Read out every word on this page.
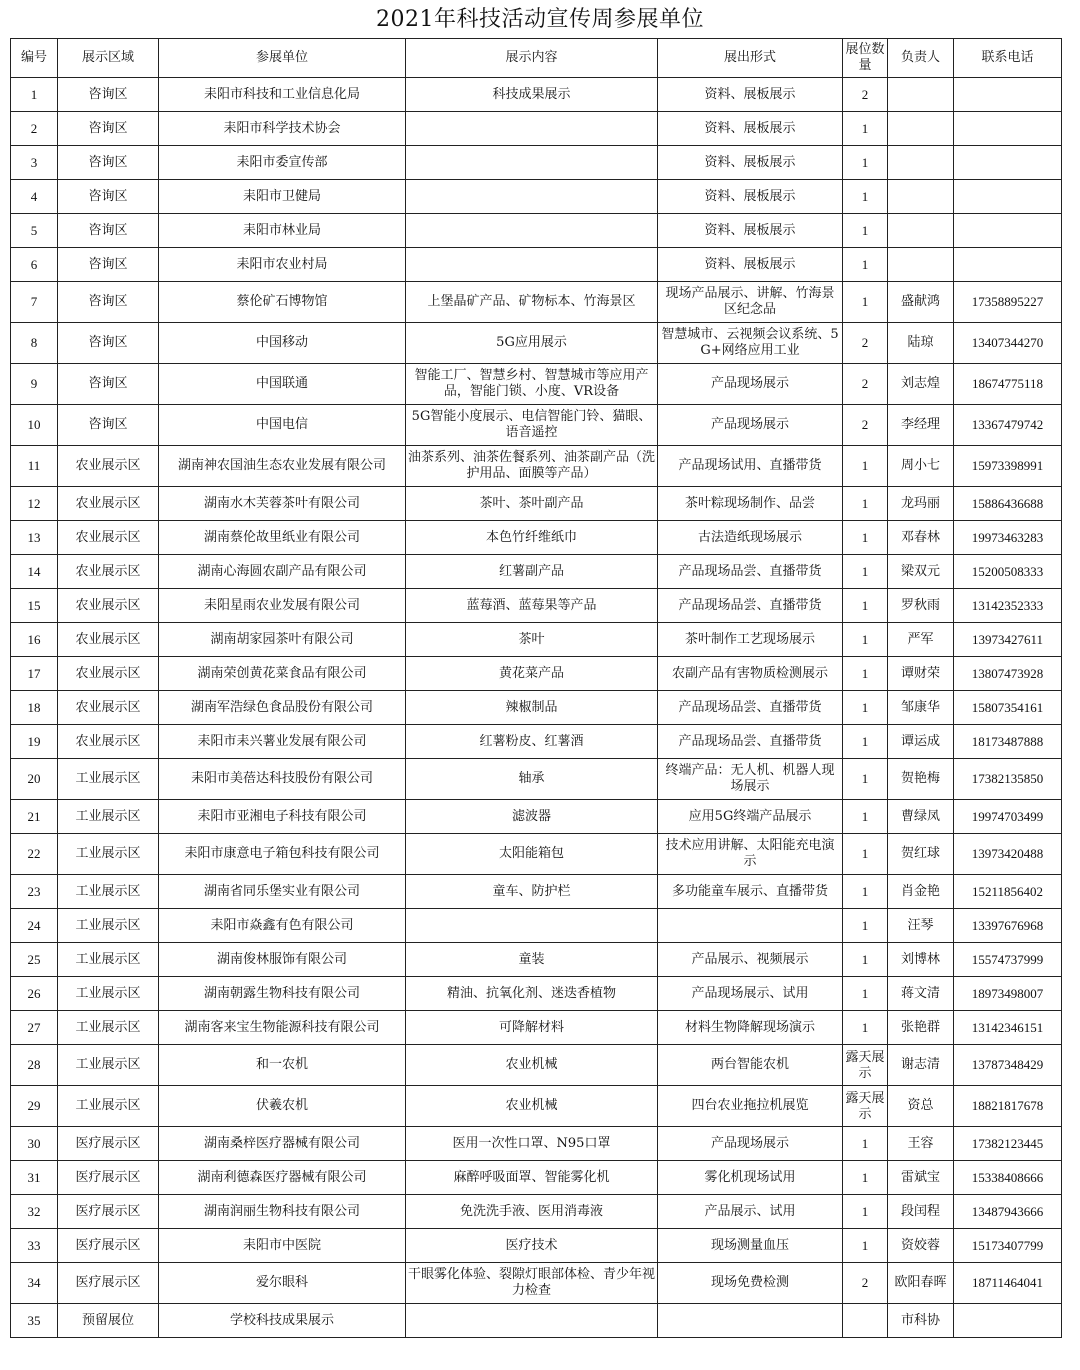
2021年科技活动宣传周参展单位
编号	展示区域	参展单位	展示内容	展出形式	展位数量	负责人	联系电话
1	咨询区	耒阳市科技和工业信息化局	科技成果展示	资料、展板展示	2		
2	咨询区	耒阳市科学技术协会		资料、展板展示	1		
3	咨询区	耒阳市委宣传部		资料、展板展示	1		
4	咨询区	耒阳市卫健局		资料、展板展示	1		
5	咨询区	耒阳市林业局		资料、展板展示	1		
6	咨询区	耒阳市农业村局		资料、展板展示	1		
7	咨询区	蔡伦矿石博物馆	上堡晶矿产品、矿物标本、竹海景区	现场产品展示、讲解、竹海景区纪念品	1	盛献鸿	17358895227
8	咨询区	中国移动	5G应用展示	智慧城市、云视频会议系统、5G+网络应用工业	2	陆琼	13407344270
9	咨询区	中国联通	智能工厂、智慧乡村、智慧城市等应用产品，智能门锁、小度、VR设备	产品现场展示	2	刘志煌	18674775118
10	咨询区	中国电信	5G智能小度展示、电信智能门铃、猫眼、语音遥控	产品现场展示	2	李经理	13367479742
11	农业展示区	湖南神农国油生态农业发展有限公司	油茶系列、油茶佐餐系列、油茶副产品（洗护用品、面膜等产品）	产品现场试用、直播带货	1	周小七	15973398991
12	农业展示区	湖南水木芙蓉茶叶有限公司	茶叶、茶叶副产品	茶叶粽现场制作、品尝	1	龙玛丽	15886436688
13	农业展示区	湖南蔡伦故里纸业有限公司	本色竹纤维纸巾	古法造纸现场展示	1	邓春林	19973463283
14	农业展示区	湖南心海圆农副产品有限公司	红薯副产品	产品现场品尝、直播带货	1	梁双元	15200508333
15	农业展示区	耒阳星雨农业发展有限公司	蓝莓酒、蓝莓果等产品	产品现场品尝、直播带货	1	罗秋雨	13142352333
16	农业展示区	湖南胡家园茶叶有限公司	茶叶	茶叶制作工艺现场展示	1	严军	13973427611
17	农业展示区	湖南荣创黄花菜食品有限公司	黄花菜产品	农副产品有害物质检测展示	1	谭财荣	13807473928
18	农业展示区	湖南军浩绿色食品股份有限公司	辣椒制品	产品现场品尝、直播带货	1	邹康华	15807354161
19	农业展示区	耒阳市耒兴薯业发展有限公司	红薯粉皮、红薯酒	产品现场品尝、直播带货	1	谭运成	18173487888
20	工业展示区	耒阳市美蓓达科技股份有限公司	轴承	终端产品：无人机、机器人现场展示	1	贺艳梅	17382135850
21	工业展示区	耒阳市亚湘电子科技有限公司	滤波器	应用5G终端产品展示	1	曹绿凤	19974703499
22	工业展示区	耒阳市康意电子箱包科技有限公司	太阳能箱包	技术应用讲解、太阳能充电演示	1	贺红球	13973420488
23	工业展示区	湖南省同乐堡实业有限公司	童车、防护栏	多功能童车展示、直播带货	1	肖金艳	15211856402
24	工业展示区	耒阳市焱鑫有色有限公司			1	汪琴	13397676968
25	工业展示区	湖南俊林服饰有限公司	童装	产品展示、视频展示	1	刘博林	15574737999
26	工业展示区	湖南朝露生物科技有限公司	精油、抗氧化剂、迷迭香植物	产品现场展示、试用	1	蒋文清	18973498007
27	工业展示区	湖南客来宝生物能源科技有限公司	可降解材料	材料生物降解现场演示	1	张艳群	13142346151
28	工业展示区	和一农机	农业机械	两台智能农机	露天展示	谢志清	13787348429
29	工业展示区	伏羲农机	农业机械	四台农业拖拉机展览	露天展示	资总	18821817678
30	医疗展示区	湖南桑梓医疗器械有限公司	医用一次性口罩、N95口罩	产品现场展示	1	王容	17382123445
31	医疗展示区	湖南利德森医疗器械有限公司	麻醉呼吸面罩、智能雾化机	雾化机现场试用	1	雷斌宝	15338408666
32	医疗展示区	湖南润丽生物科技有限公司	免洗洗手液、医用消毒液	产品展示、试用	1	段闰程	13487943666
33	医疗展示区	耒阳市中医院	医疗技术	现场测量血压	1	资姣蓉	15173407799
34	医疗展示区	爱尔眼科	干眼雾化体验、裂隙灯眼部体检、青少年视力检查	现场免费检测	2	欧阳春晖	18711464041
35	预留展位	学校科技成果展示				市科协	
